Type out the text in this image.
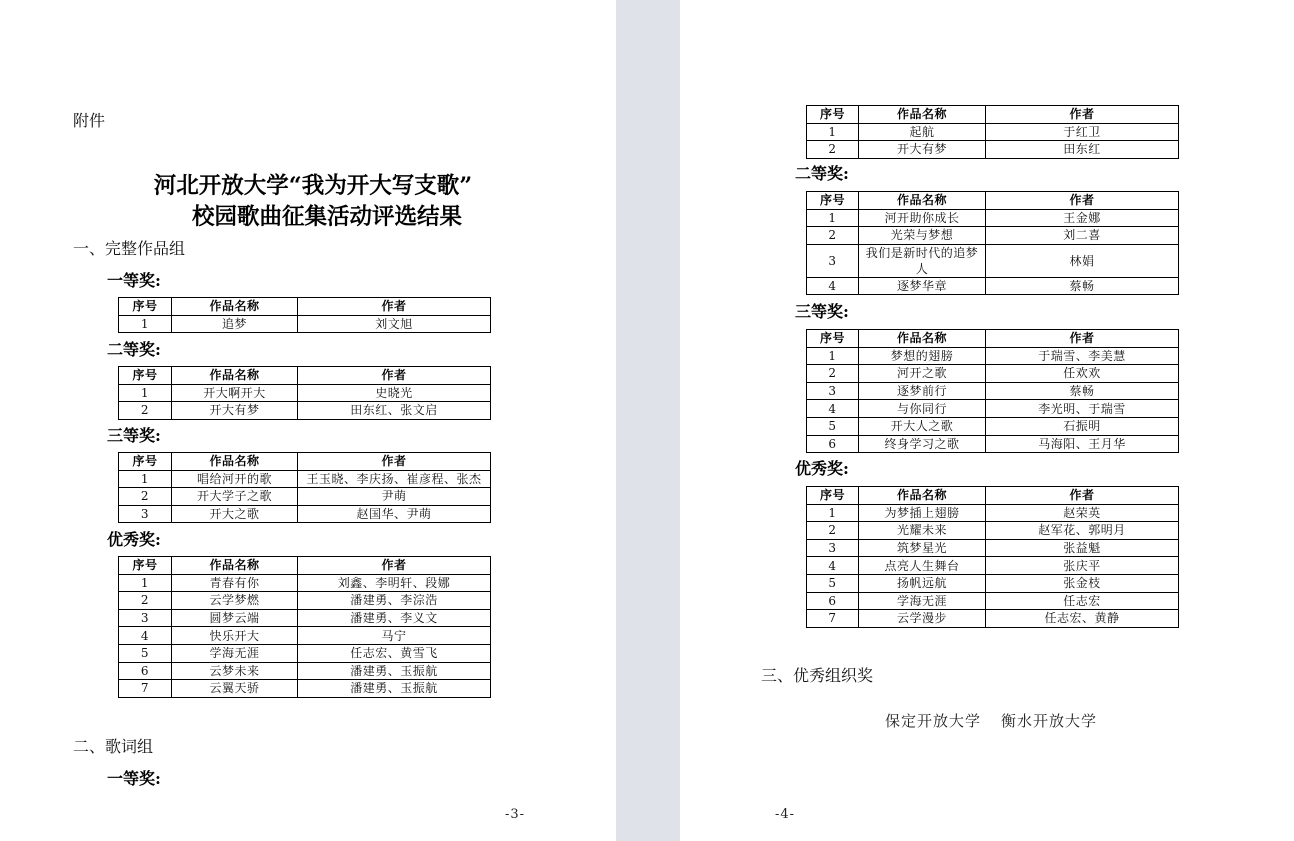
附件
河北开放大学“我为开大写支歌”
校园歌曲征集活动评选结果
一、完整作品组
一等奖:
序号	作品名称	作者
1	追梦	刘文旭
二等奖:
序号	作品名称	作者
1	开大啊开大	史晓光
2	开大有梦	田东红、张文启
三等奖:
序号	作品名称	作者
1	唱给河开的歌	王玉晓、李庆扬、崔彦程、张杰
2	开大学子之歌	尹萌
3	开大之歌	赵国华、尹萌
优秀奖:
序号	作品名称	作者
1	青春有你	刘鑫、李明轩、段娜
2	云学梦燃	潘建勇、李淙浩
3	圆梦云端	潘建勇、李义文
4	快乐开大	马宁
5	学海无涯	任志宏、黄雪飞
6	云梦未来	潘建勇、玉振航
7	云翼天骄	潘建勇、玉振航
二、歌词组
一等奖:
-3-
序号	作品名称	作者
1	起航	于红卫
2	开大有梦	田东红
二等奖:
序号	作品名称	作者
1	河开助你成长	王金娜
2	光荣与梦想	刘二喜
3	我们是新时代的追梦人	林娟
4	逐梦华章	蔡畅
三等奖:
序号	作品名称	作者
1	梦想的翅膀	于瑞雪、李美慧
2	河开之歌	任欢欢
3	逐梦前行	蔡畅
4	与你同行	李光明、于瑞雪
5	开大人之歌	石振明
6	终身学习之歌	马海阳、王月华
优秀奖:
序号	作品名称	作者
1	为梦插上翅膀	赵荣英
2	光耀未来	赵军花、郭明月
3	筑梦星光	张益魁
4	点亮人生舞台	张庆平
5	扬帆远航	张金枝
6	学海无涯	任志宏
7	云学漫步	任志宏、黄静
三、优秀组织奖
保定开放大学 衡水开放大学
-4-
